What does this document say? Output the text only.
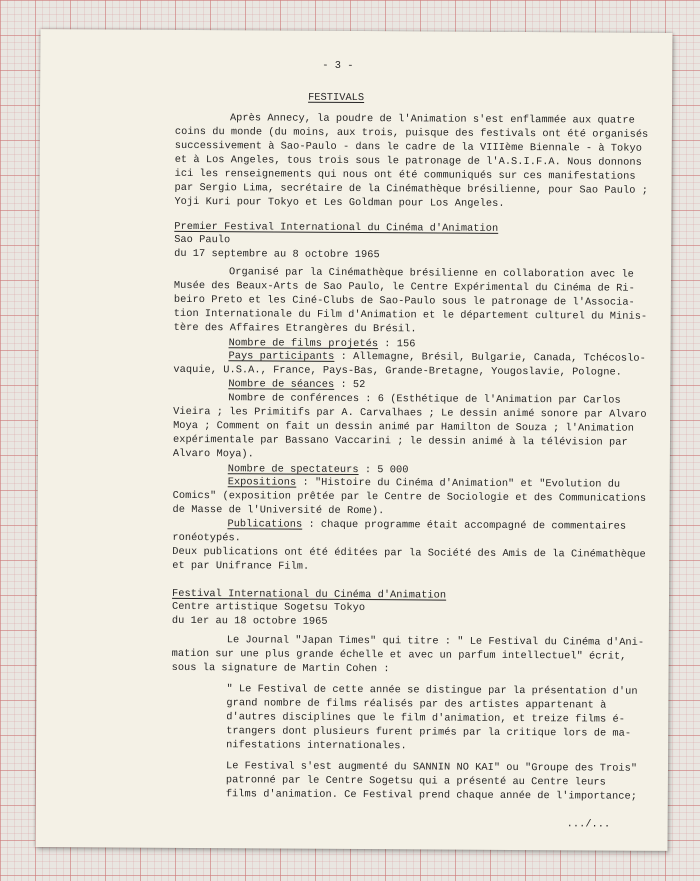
- 3 -
FESTIVALS
Après Annecy, la poudre de l'Animation s'est enflammée aux quatre
coins du monde (du moins, aux trois, puisque des festivals ont été organisés
successivement à Sao-Paulo - dans le cadre de la VIIIème Biennale - à Tokyo
et à Los Angeles, tous trois sous le patronage de l'A.S.I.F.A. Nous donnons
ici les renseignements qui nous ont été communiqués sur ces manifestations
par Sergio Lima, secrétaire de la Cinémathèque brésilienne, pour Sao Paulo ;
Yoji Kuri pour Tokyo et Les Goldman pour Los Angeles.
Premier Festival International du Cinéma d'Animation
Sao Paulo
du 17 septembre au 8 octobre 1965
Organisé par la Cinémathèque brésilienne en collaboration avec le
Musée des Beaux-Arts de Sao Paulo, le Centre Expérimental du Cinéma de Ri-
beiro Preto et les Ciné-Clubs de Sao-Paulo sous le patronage de l'Associa-
tion Internationale du Film d'Animation et le département culturel du Minis-
tère des Affaires Etrangères du Brésil.
Nombre de films projetés : 156
Pays participants : Allemagne, Brésil, Bulgarie, Canada, Tchécoslo-
vaquie, U.S.A., France, Pays-Bas, Grande-Bretagne, Yougoslavie, Pologne.
Nombre de séances : 52
Nombre de conférences : 6 (Esthétique de l'Animation par Carlos
Vieira ; les Primitifs par A. Carvalhaes ; Le dessin animé sonore par Alvaro
Moya ; Comment on fait un dessin animé par Hamilton de Souza ; l'Animation
expérimentale par Bassano Vaccarini ; le dessin animé à la télévision par
Alvaro Moya).
Nombre de spectateurs : 5 000
Expositions : "Histoire du Cinéma d'Animation" et "Evolution du
Comics" (exposition prêtée par le Centre de Sociologie et des Communications
de Masse de l'Université de Rome).
Publications : chaque programme était accompagné de commentaires
ronéotypés.
Deux publications ont été éditées par la Société des Amis de la Cinémathèque
et par Unifrance Film.
Festival International du Cinéma d'Animation
Centre artistique Sogetsu Tokyo
du 1er au 18 octobre 1965
Le Journal "Japan Times" qui titre : " Le Festival du Cinéma d'Ani-
mation sur une plus grande échelle et avec un parfum intellectuel" écrit,
sous la signature de Martin Cohen :
" Le Festival de cette année se distingue par la présentation d'un
grand nombre de films réalisés par des artistes appartenant à
d'autres disciplines que le film d'animation, et treize films é-
trangers dont plusieurs furent primés par la critique lors de ma-
nifestations internationales.
Le Festival s'est augmenté du SANNIN NO KAI" ou "Groupe des Trois"
patronné par le Centre Sogetsu qui a présenté au Centre leurs
films d'animation. Ce Festival prend chaque année de l'importance;
.../...
